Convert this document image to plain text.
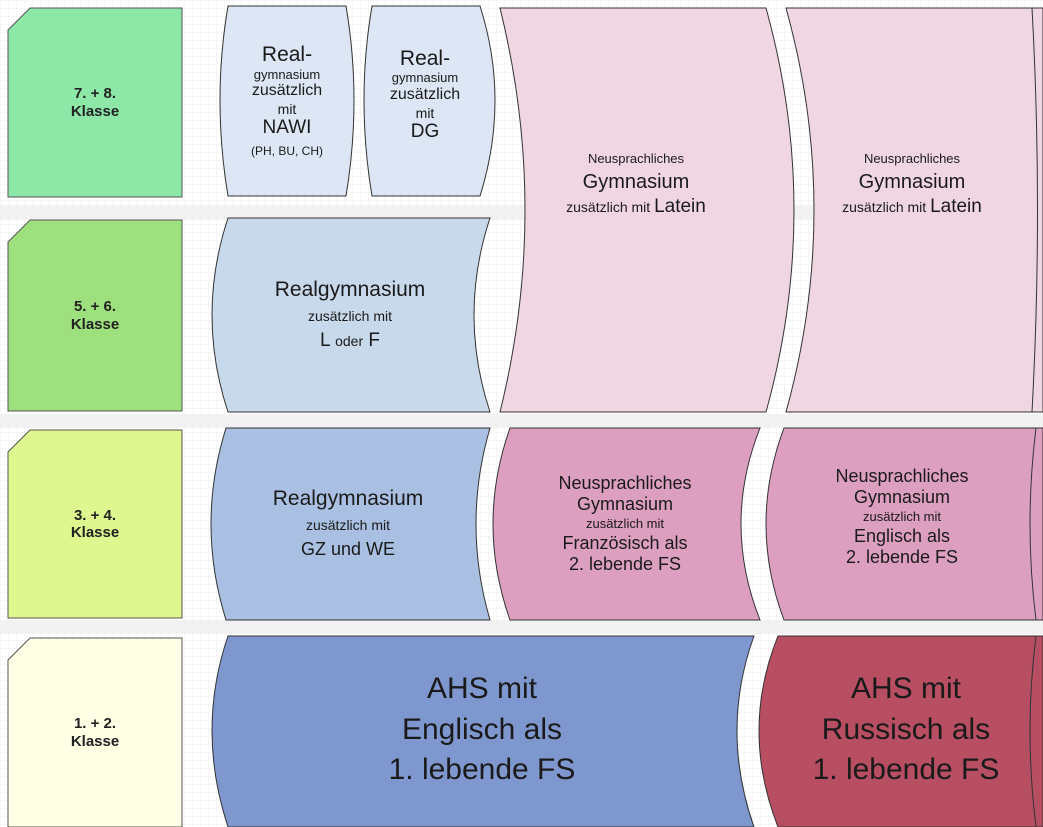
7. + 8.
Klasse
5. + 6.
Klasse
3. + 4.
Klasse
1. + 2.
Klasse
Real-
gymnasium
zusätzlich
mit
NAWI
(PH, BU, CH)
Real-
gymnasium
zusätzlich
mit
DG
Neusprachliches
Gymnasium
zusätzlich mit Latein
Neusprachliches
Gymnasium
zusätzlich mit Latein
Realgymnasium
zusätzlich mit
L oder F
Realgymnasium
zusätzlich mit
GZ und WE
Neusprachliches
Gymnasium
zusätzlich mit
Französisch als
2. lebende FS
Neusprachliches
Gymnasium
zusätzlich mit
Englisch als
2. lebende FS
AHS mit
Englisch als
1. lebende FS
AHS mit
Russisch als
1. lebende FS
